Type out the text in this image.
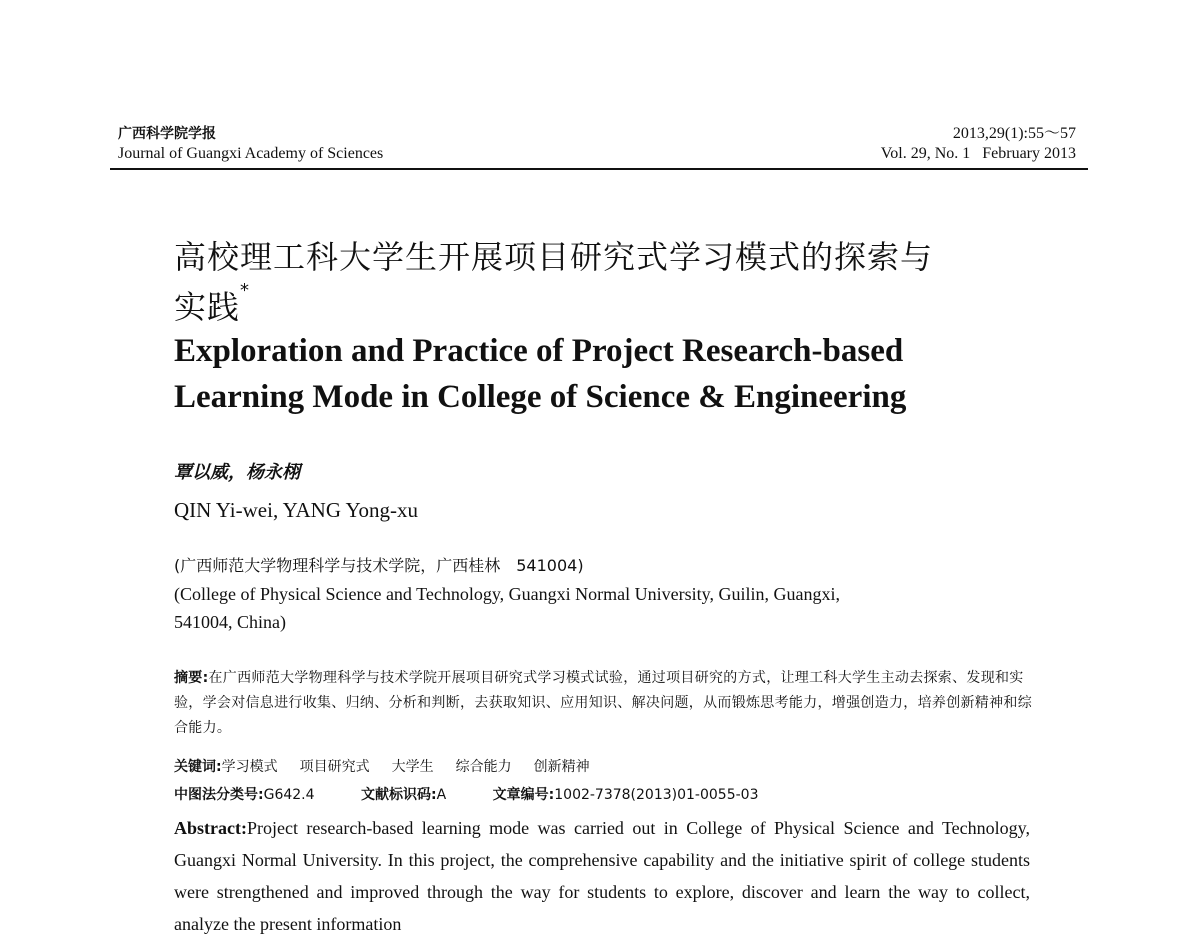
广西科学院学报
Journal of Guangxi Academy of Sciences
2013,29(1):55～57
Vol. 29, No. 1   February 2013
高校理工科大学生开展项目研究式学习模式的探索与
实践*
Exploration and Practice of Project Research-based
Learning Mode in College of Science & Engineering
覃以威，杨永栩
QIN Yi-wei, YANG Yong-xu
(广西师范大学物理科学与技术学院，广西桂林　541004)
(College of Physical Science and Technology, Guangxi Normal University, Guilin, Guangxi,
541004, China)
摘要:在广西师范大学物理科学与技术学院开展项目研究式学习模式试验，通过项目研究的方式，让理工科大学生主动去探索、发现和实验，学会对信息进行收集、归纳、分析和判断，去获取知识、应用知识、解决问题，从而锻炼思考能力，增强创造力，培养创新精神和综合能力。
关键词:学习模式 项目研究式 大学生 综合能力 创新精神
中图法分类号:G642.4	文献标识码:A	文章编号:1002-7378(2013)01-0055-03
Abstract:Project research-based learning mode was carried out in College of Physical Science and Technology, Guangxi Normal University. In this project, the comprehensive capability and the initiative spirit of college students were strengthened and improved through the way for students to explore, discover and learn the way to collect, analyze the present information
